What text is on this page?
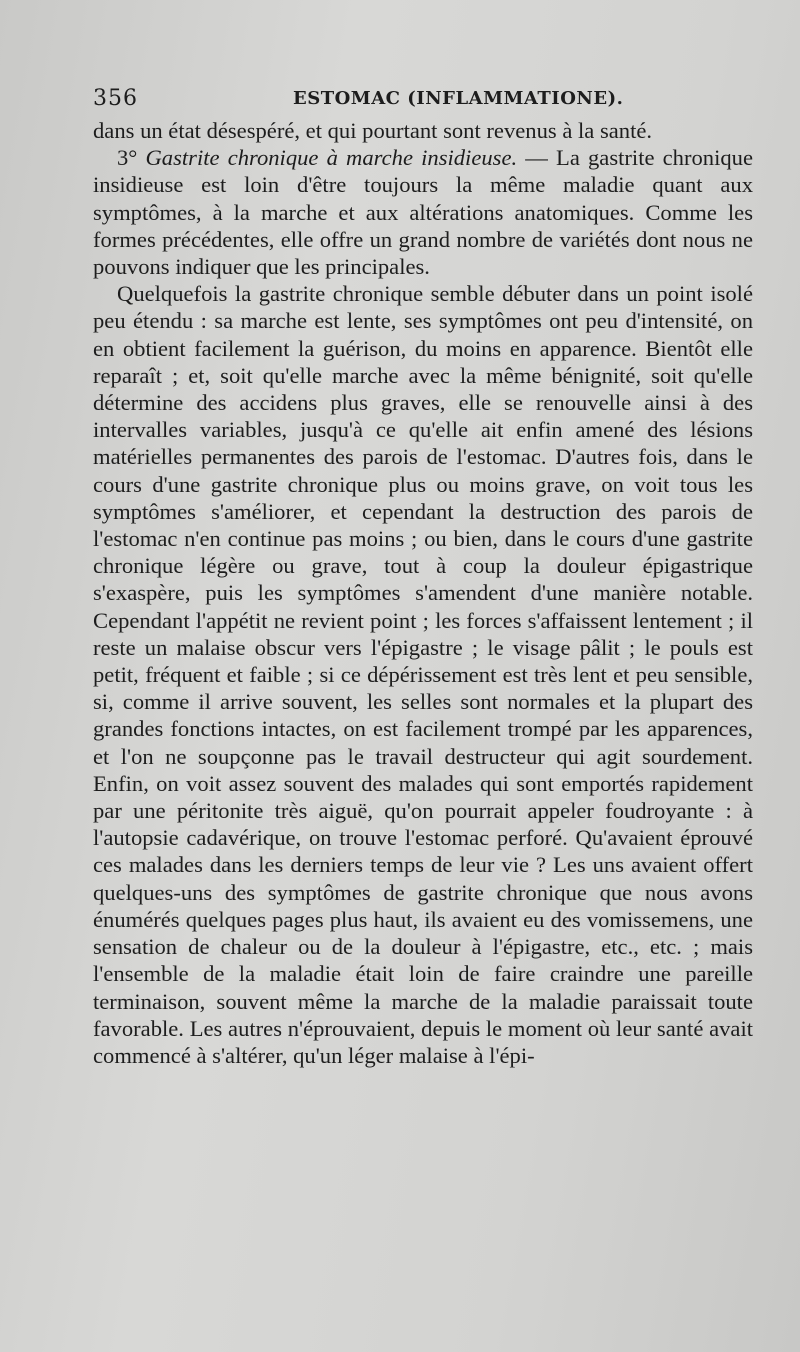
356	ESTOMAC (INFLAMMATIONE).

dans un état désespéré, et qui pourtant sont revenus à la santé.

3° Gastrite chronique à marche insidieuse. — La gastrite chronique insidieuse est loin d'être toujours la même maladie quant aux symptômes, à la marche et aux altérations anatomiques. Comme les formes précédentes, elle offre un grand nombre de variétés dont nous ne pouvons indiquer que les principales.

Quelquefois la gastrite chronique semble débuter dans un point isolé peu étendu : sa marche est lente, ses symptômes ont peu d'intensité, on en obtient facilement la guérison, du moins en apparence. Bientôt elle reparaît ; et, soit qu'elle marche avec la même bénignité, soit qu'elle détermine des accidens plus graves, elle se renouvelle ainsi à des intervalles variables, jusqu'à ce qu'elle ait enfin amené des lésions matérielles permanentes des parois de l'estomac. D'autres fois, dans le cours d'une gastrite chronique plus ou moins grave, on voit tous les symptômes s'améliorer, et cependant la destruction des parois de l'estomac n'en continue pas moins ; ou bien, dans le cours d'une gastrite chronique légère ou grave, tout à coup la douleur épigastrique s'exaspère, puis les symptômes s'amendent d'une manière notable. Cependant l'appétit ne revient point ; les forces s'affaissent lentement ; il reste un malaise obscur vers l'épigastre ; le visage pâlit ; le pouls est petit, fréquent et faible ; si ce dépérissement est très lent et peu sensible, si, comme il arrive souvent, les selles sont normales et la plupart des grandes fonctions intactes, on est facilement trompé par les apparences, et l'on ne soupçonne pas le travail destructeur qui agit sourdement. Enfin, on voit assez souvent des malades qui sont emportés rapidement par une péritonite très aiguë, qu'on pourrait appeler foudroyante : à l'autopsie cadavérique, on trouve l'estomac perforé. Qu'avaient éprouvé ces malades dans les derniers temps de leur vie ? Les uns avaient offert quelques-uns des symptômes de gastrite chronique que nous avons énumérés quelques pages plus haut, ils avaient eu des vomissemens, une sensation de chaleur ou de la douleur à l'épigastre, etc., etc. ; mais l'ensemble de la maladie était loin de faire craindre une pareille terminaison, souvent même la marche de la maladie paraissait toute favorable. Les autres n'éprouvaient, depuis le moment où leur santé avait commencé à s'altérer, qu'un léger malaise à l'épi-
